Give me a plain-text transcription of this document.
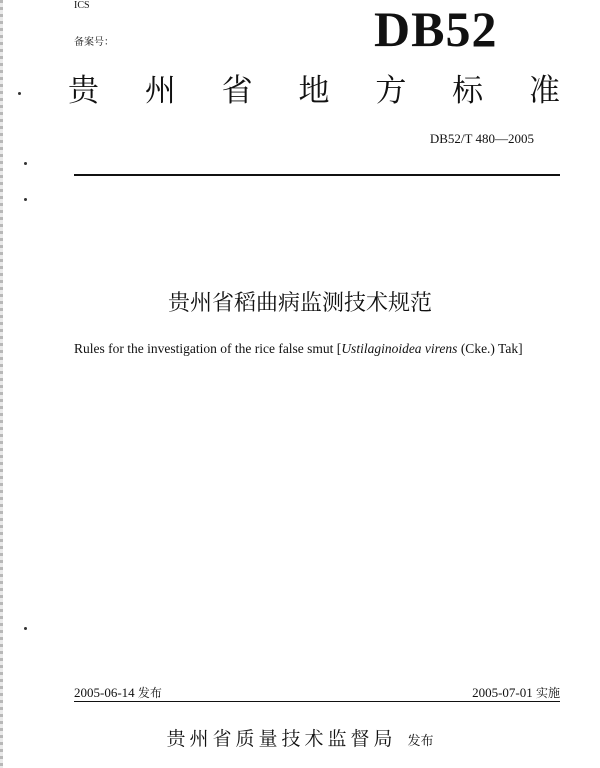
ICS
备案号：	DB52
贵 州 省 地 方 标 准
DB52/T 480—2005
贵州省稻曲病监测技术规范
Rules for the investigation of the rice false smut [Ustilaginoidea virens (Cke.) Tak]
2005-06-14 发布	2005-07-01 实施
贵州省质量技术监督局 发布
